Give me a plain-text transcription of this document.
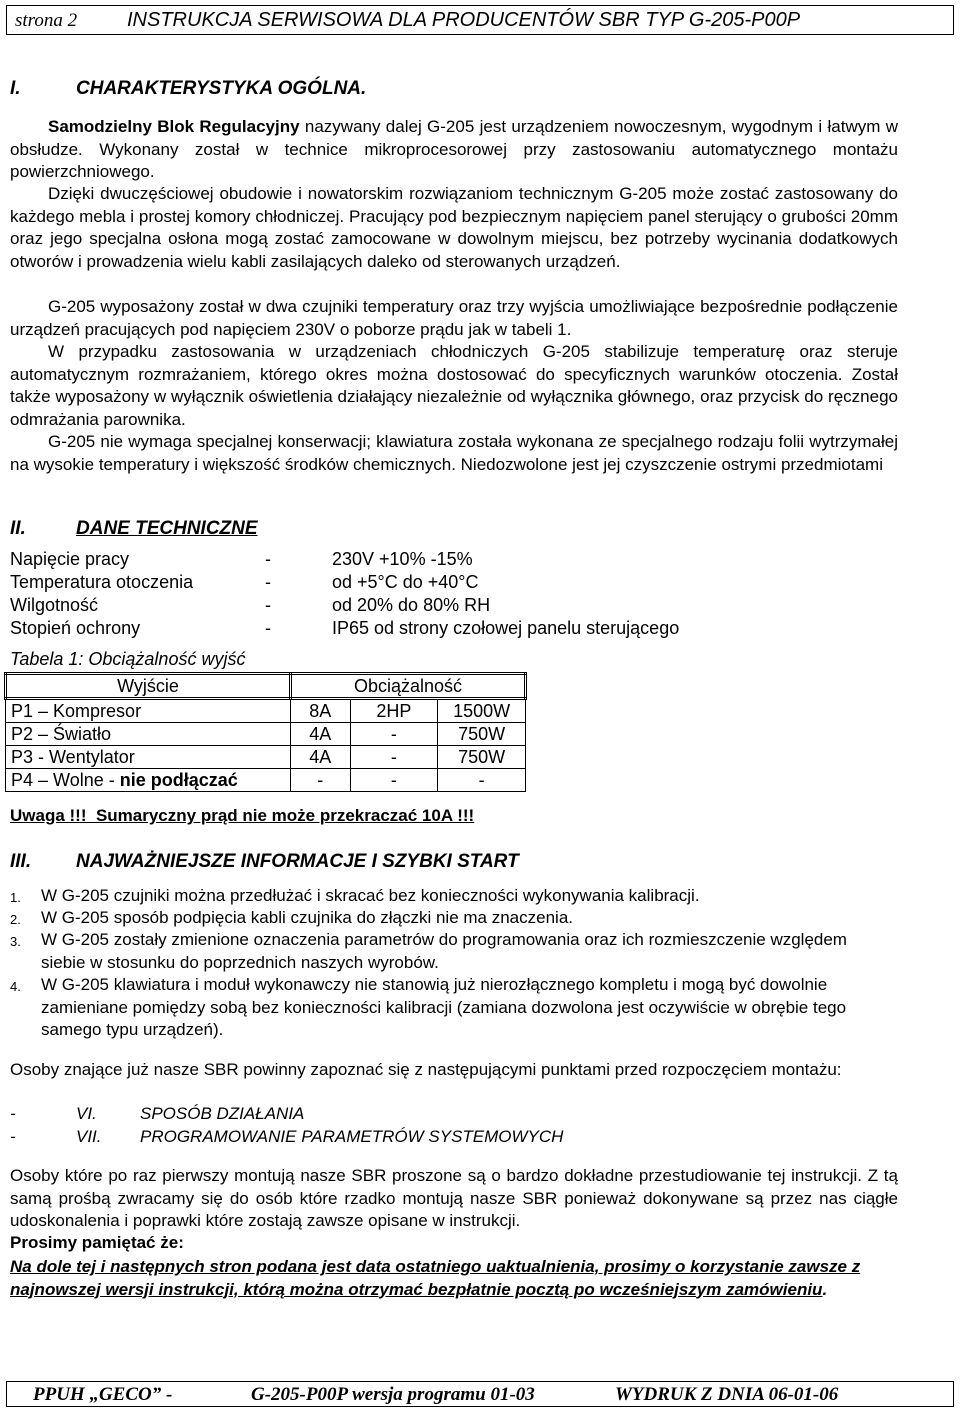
strona 2 INSTRUKCJA SERWISOWA DLA PRODUCENTÓW SBR TYP G-205-P00P
I.	CHARAKTERYSTYKA OGÓLNA.
Samodzielny Blok Regulacyjny nazywany dalej G-205 jest urządzeniem nowoczesnym, wygodnym i łatwym w obsłudze. Wykonany został w technice mikroprocesorowej przy zastosowaniu automatycznego montażu powierzchniowego.
Dzięki dwuczęściowej obudowie i nowatorskim rozwiązaniom technicznym G-205 może zostać zastosowany do każdego mebla i prostej komory chłodniczej. Pracujący pod bezpiecznym napięciem panel sterujący o grubości 20mm oraz jego specjalna osłona mogą zostać zamocowane w dowolnym miejscu, bez potrzeby wycinania dodatkowych otworów i prowadzenia wielu kabli zasilających daleko od sterowanych urządzeń.
G-205 wyposażony został w dwa czujniki temperatury oraz trzy wyjścia umożliwiające bezpośrednie podłączenie urządzeń pracujących pod napięciem 230V o poborze prądu jak w tabeli 1.
W przypadku zastosowania w urządzeniach chłodniczych G-205 stabilizuje temperaturę oraz steruje automatycznym rozmrażaniem, którego okres można dostosować do specyficznych warunków otoczenia. Został także wyposażony w wyłącznik oświetlenia działający niezależnie od wyłącznika głównego, oraz przycisk do ręcznego odmrażania parownika.
G-205 nie wymaga specjalnej konserwacji; klawiatura została wykonana ze specjalnego rodzaju folii wytrzymałej na wysokie temperatury i większość środków chemicznych. Niedozwolone jest jej czyszczenie ostrymi przedmiotami
II.	DANE TECHNICZNE
Napięcie pracy	-	230V +10% -15%
Temperatura otoczenia	-	od +5°C do +40°C
Wilgotność	-	od 20% do 80% RH
Stopień ochrony	-	IP65 od strony czołowej panelu sterującego
Tabela 1: Obciążalność wyjść
Wyjście	Obciążalność		
P1 – Kompresor	8A	2HP	1500W
P2 – Światło	4A	-	750W
P3 - Wentylator	4A	-	750W
P4 – Wolne - nie podłączać	-	-	-
Uwaga !!!  Sumaryczny prąd nie może przekraczać 10A !!!
III. NAJWAŻNIEJSZE INFORMACJE I SZYBKI START
1. W G-205 czujniki można przedłużać i skracać bez konieczności wykonywania kalibracji.
2. W G-205 sposób podpięcia kabli czujnika do złączki nie ma znaczenia.
3. W G-205 zostały zmienione oznaczenia parametrów do programowania oraz ich rozmieszczenie względem siebie w stosunku do poprzednich naszych wyrobów.
4. W G-205 klawiatura i moduł wykonawczy nie stanowią już nierozłącznego kompletu i mogą być dowolnie zamieniane pomiędzy sobą bez konieczności kalibracji (zamiana dozwolona jest oczywiście w obrębie tego samego typu urządzeń).
Osoby znające już nasze SBR powinny zapoznać się z następującymi punktami przed rozpoczęciem montażu:
-	VI.	SPOSÓB DZIAŁANIA
-	VII. PROGRAMOWANIE PARAMETRÓW SYSTEMOWYCH
Osoby które po raz pierwszy montują nasze SBR proszone są o bardzo dokładne przestudiowanie tej instrukcji. Z tą samą prośbą zwracamy się do osób które rzadko montują nasze SBR ponieważ dokonywane są przez nas ciągłe udoskonalenia i poprawki które zostają zawsze opisane w instrukcji.
Prosimy pamiętać że:
Na dole tej i następnych stron podana jest data ostatniego uaktualnienia, prosimy o korzystanie zawsze z najnowszej wersji instrukcji, którą można otrzymać bezpłatnie pocztą po wcześniejszym zamówieniu.
PPUH „GECO” -	G-205-P00P wersja programu 01-03	WYDRUK Z DNIA 06-01-06
